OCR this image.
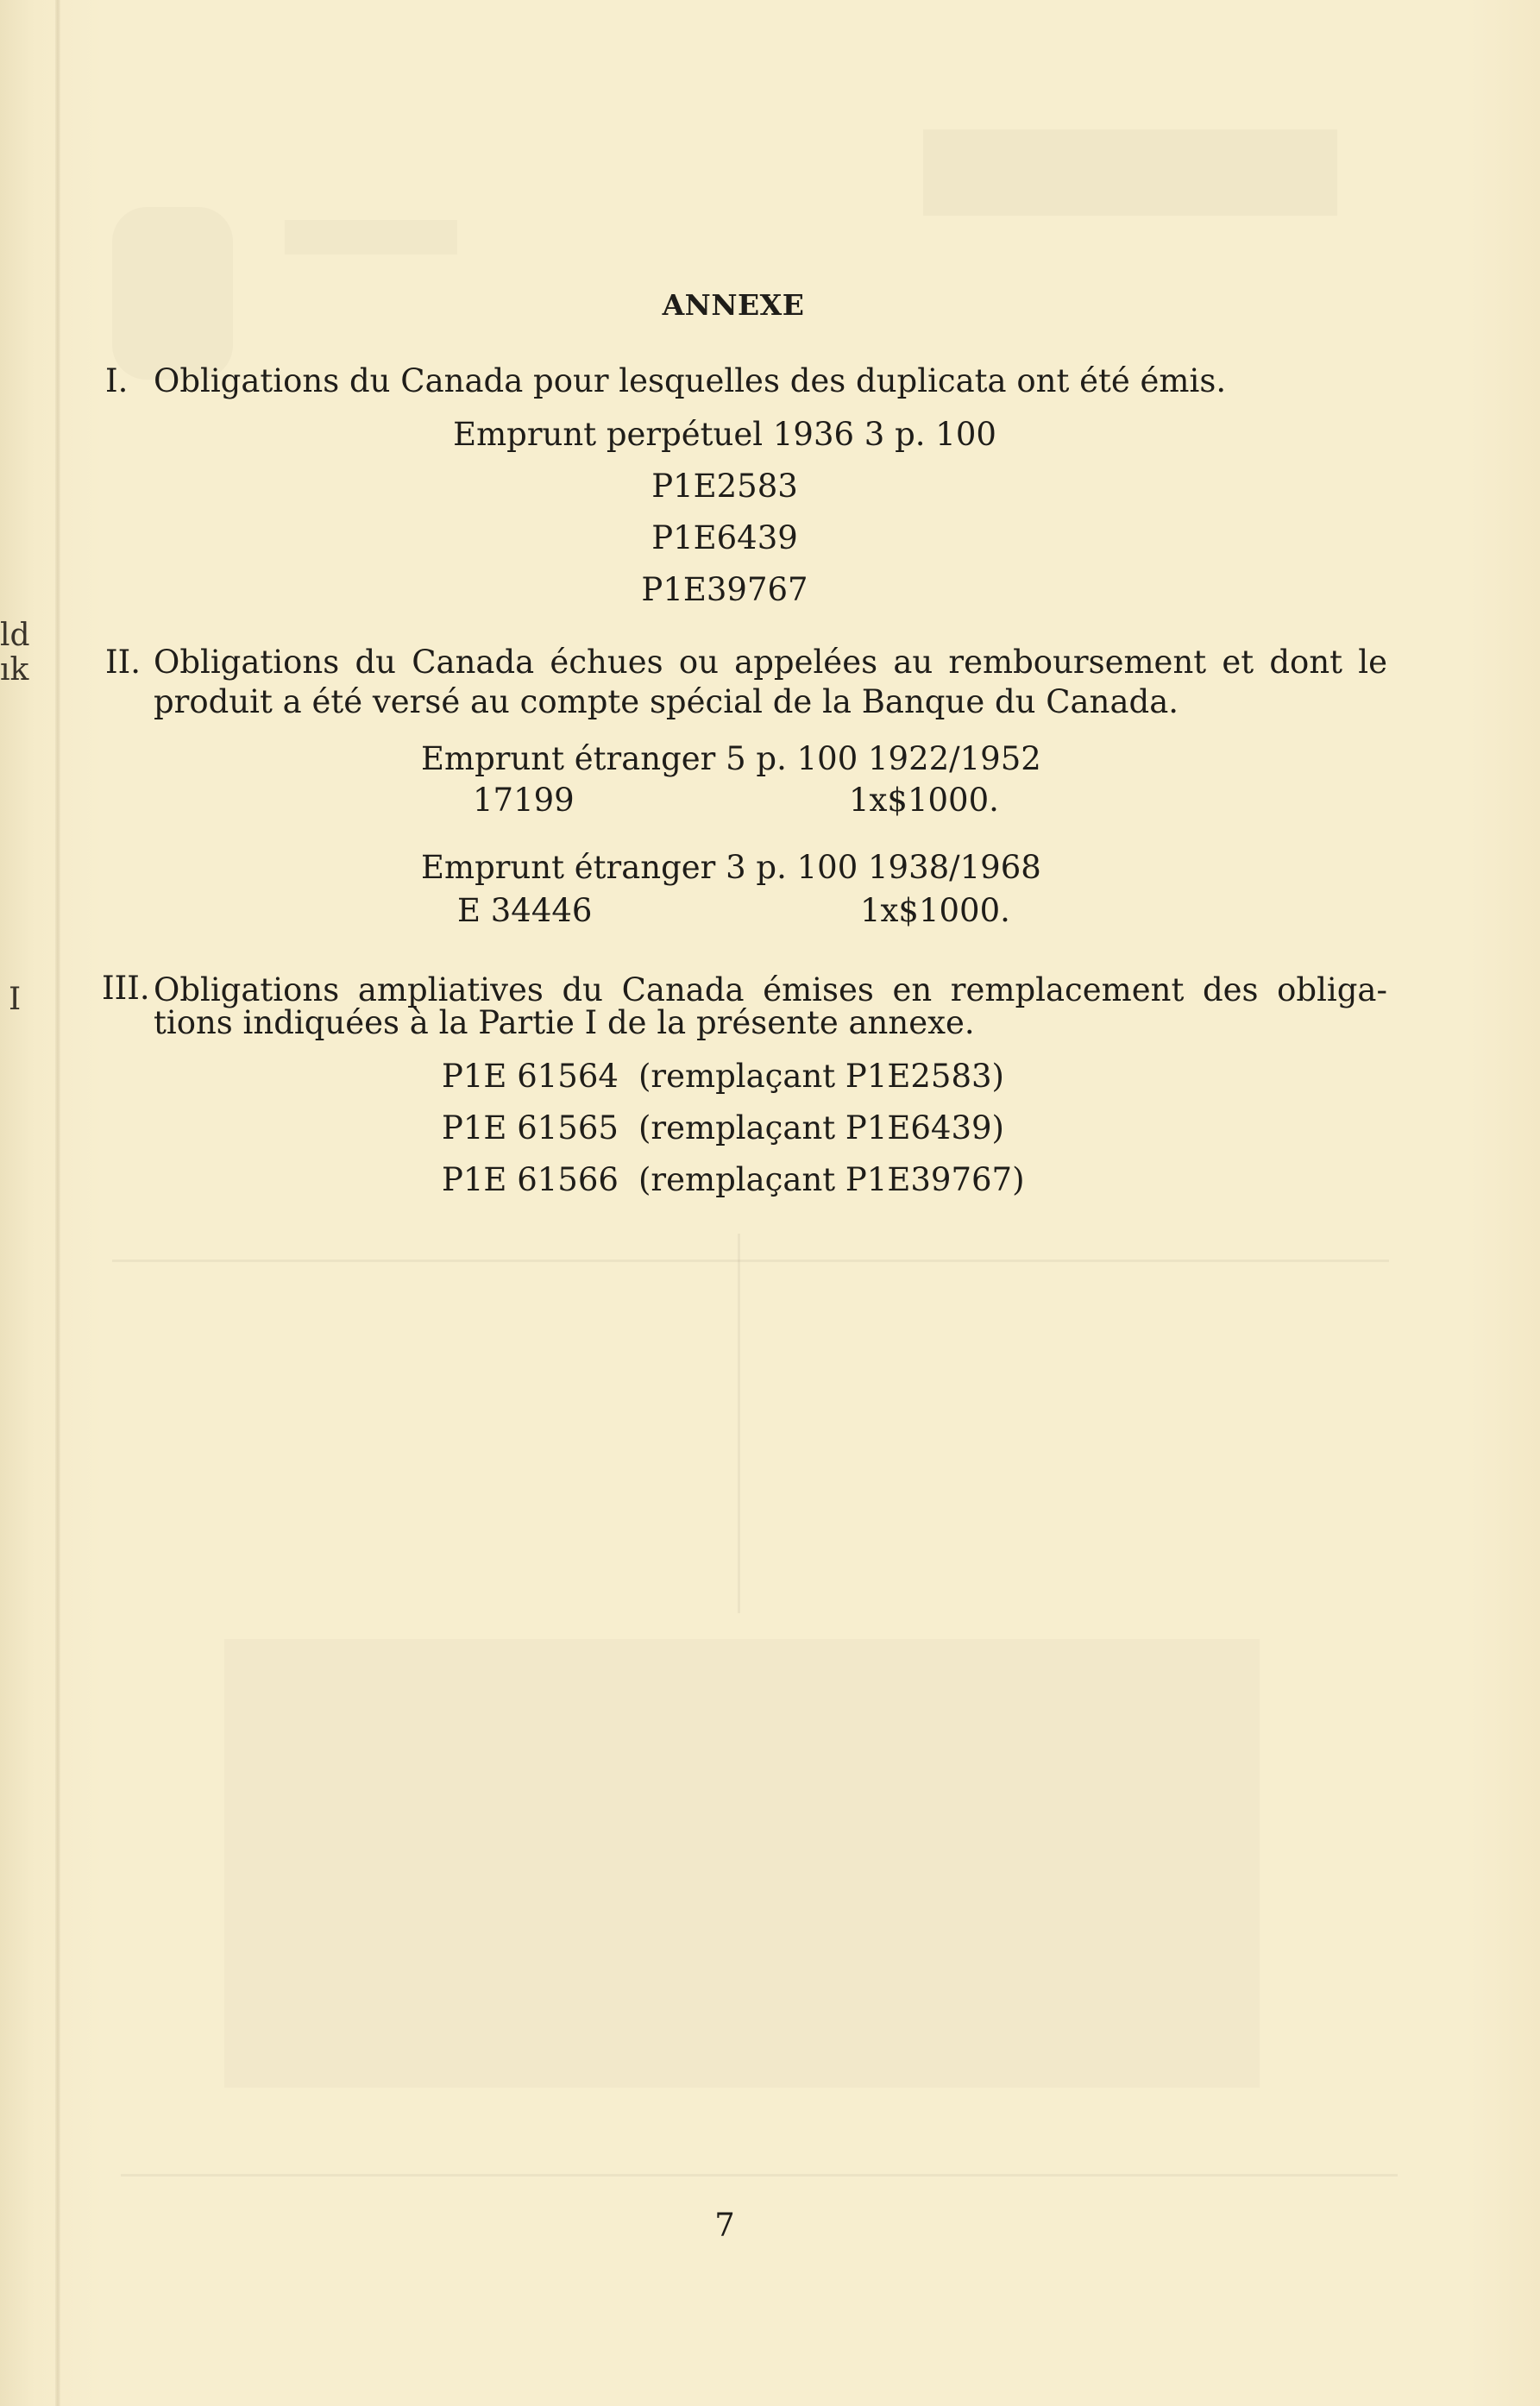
ld
ık
I
ANNEXE
I. Obligations du Canada pour lesquelles des duplicata ont été émis.
Emprunt perpétuel 1936 3 p. 100
P1E2583
P1E6439
P1E39767
II. Obligations du Canada échues ou appelées au remboursement et dont le
produit a été versé au compte spécial de la Banque du Canada.
Emprunt étranger 5 p. 100 1922/1952
17199	1x$1000.
Emprunt étranger 3 p. 100 1938/1968
E 34446	1x$1000.
III. Obligations ampliatives du Canada émises en remplacement des obliga-
tions indiquées à la Partie I de la présente annexe.
P1E 61564 (remplaçant P1E2583)
P1E 61565 (remplaçant P1E6439)
P1E 61566 (remplaçant P1E39767)
7
